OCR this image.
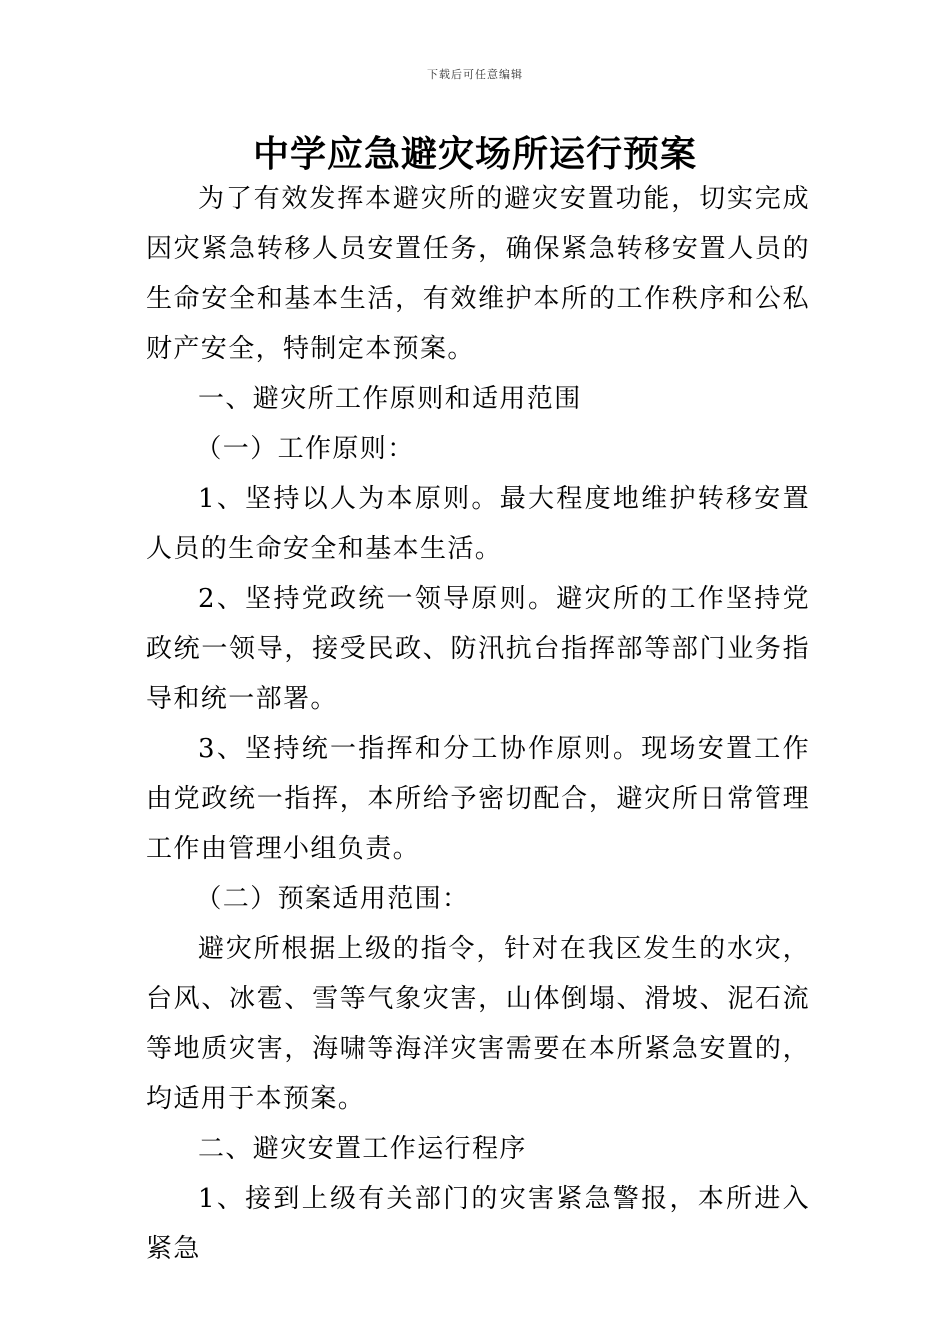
下载后可任意编辑
中学应急避灾场所运行预案

为了有效发挥本避灾所的避灾安置功能，切实完成因灾紧急转移人员安置任务，确保紧急转移安置人员的生命安全和基本生活，有效维护本所的工作秩序和公私财产安全，特制定本预案。

一、避灾所工作原则和适用范围

（一）工作原则：

1、坚持以人为本原则。最大程度地维护转移安置人员的生命安全和基本生活。

2、坚持党政统一领导原则。避灾所的工作坚持党政统一领导，接受民政、防汛抗台指挥部等部门业务指导和统一部署。

3、坚持统一指挥和分工协作原则。现场安置工作由党政统一指挥，本所给予密切配合，避灾所日常管理工作由管理小组负责。

（二）预案适用范围：

避灾所根据上级的指令，针对在我区发生的水灾，台风、冰雹、雪等气象灾害，山体倒塌、滑坡、泥石流等地质灾害，海啸等海洋灾害需要在本所紧急安置的，均适用于本预案。

二、避灾安置工作运行程序

1、接到上级有关部门的灾害紧急警报，本所进入紧急
